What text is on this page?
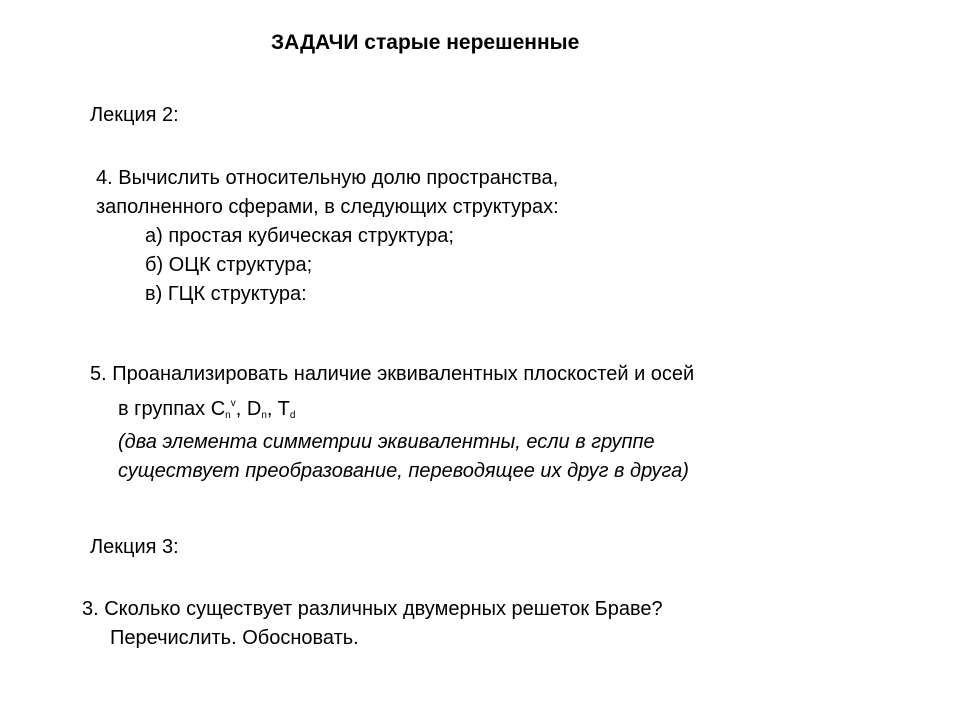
ЗАДАЧИ старые нерешенные
Лекция 2:
4. Вычислить относительную долю пространства,
заполненного сферами, в следующих структурах:
а) простая кубическая структура;
б) ОЦК структура;
в) ГЦК структура:
5. Проанализировать наличие эквивалентных плоскостей и осей
в группах $C_n^v$, $D_n$, $T_d$
(два элемента симметрии эквивалентны, если в группе
существует преобразование, переводящее их друг в друга)
Лекция 3:
3. Сколько существует различных двумерных решеток Браве?
Перечислить. Обосновать.
